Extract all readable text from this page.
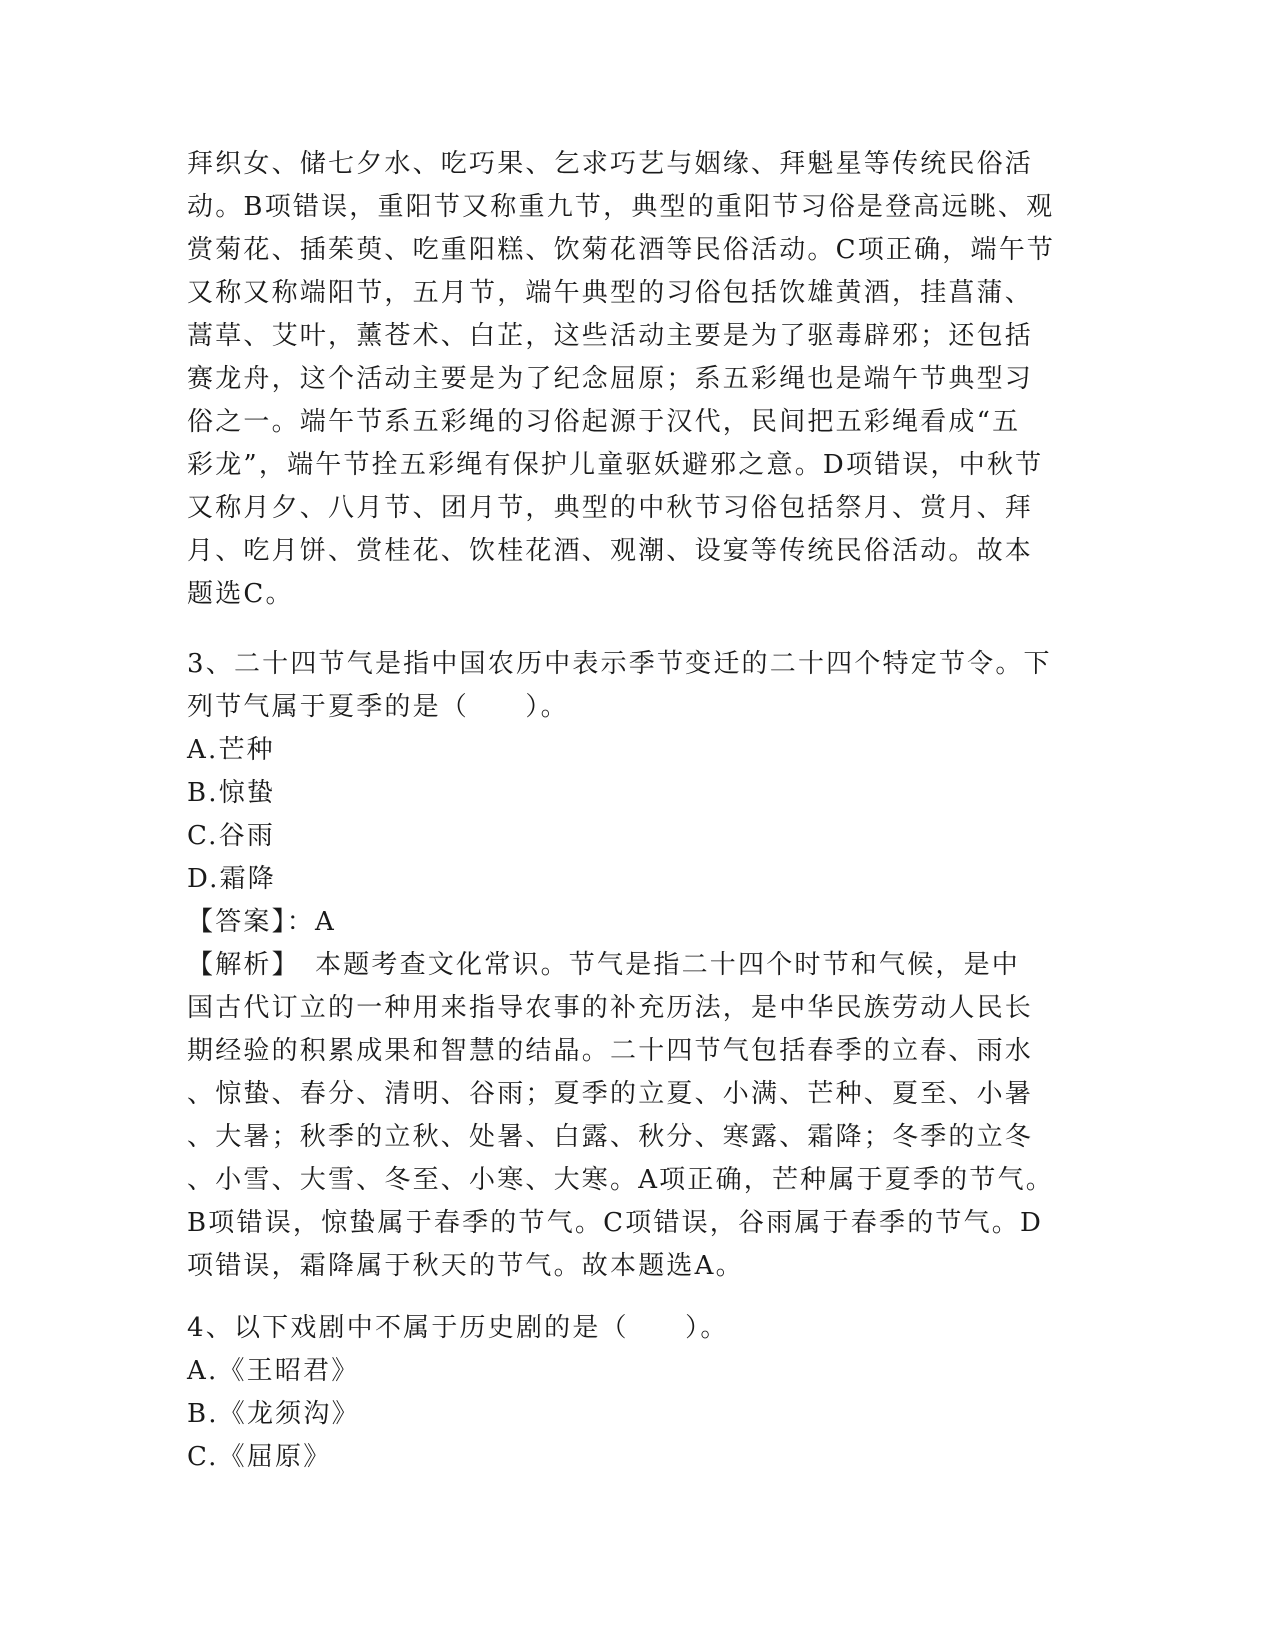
拜织女、储七夕水、吃巧果、乞求巧艺与姻缘、拜魁星等传统民俗活
动。B项错误，重阳节又称重九节，典型的重阳节习俗是登高远眺、观
赏菊花、插茱萸、吃重阳糕、饮菊花酒等民俗活动。C项正确，端午节
又称又称端阳节，五月节，端午典型的习俗包括饮雄黄酒，挂菖蒲、
蒿草、艾叶，薰苍术、白芷，这些活动主要是为了驱毒辟邪；还包括
赛龙舟，这个活动主要是为了纪念屈原；系五彩绳也是端午节典型习
俗之一。端午节系五彩绳的习俗起源于汉代，民间把五彩绳看成“五
彩龙”，端午节拴五彩绳有保护儿童驱妖避邪之意。D项错误，中秋节
又称月夕、八月节、团月节，典型的中秋节习俗包括祭月、赏月、拜
月、吃月饼、赏桂花、饮桂花酒、观潮、设宴等传统民俗活动。故本
题选C。
3、二十四节气是指中国农历中表示季节变迁的二十四个特定节令。下
列节气属于夏季的是（　　）。
A.芒种
B.惊蛰
C.谷雨
D.霜降
【答案】：A
【解析】　本题考查文化常识。节气是指二十四个时节和气候，是中
国古代订立的一种用来指导农事的补充历法，是中华民族劳动人民长
期经验的积累成果和智慧的结晶。二十四节气包括春季的立春、雨水
、惊蛰、春分、清明、谷雨；夏季的立夏、小满、芒种、夏至、小暑
、大暑；秋季的立秋、处暑、白露、秋分、寒露、霜降；冬季的立冬
、小雪、大雪、冬至、小寒、大寒。A项正确，芒种属于夏季的节气。
B项错误，惊蛰属于春季的节气。C项错误，谷雨属于春季的节气。D
项错误，霜降属于秋天的节气。故本题选A。
4、以下戏剧中不属于历史剧的是（　　）。
A.《王昭君》
B.《龙须沟》
C.《屈原》
